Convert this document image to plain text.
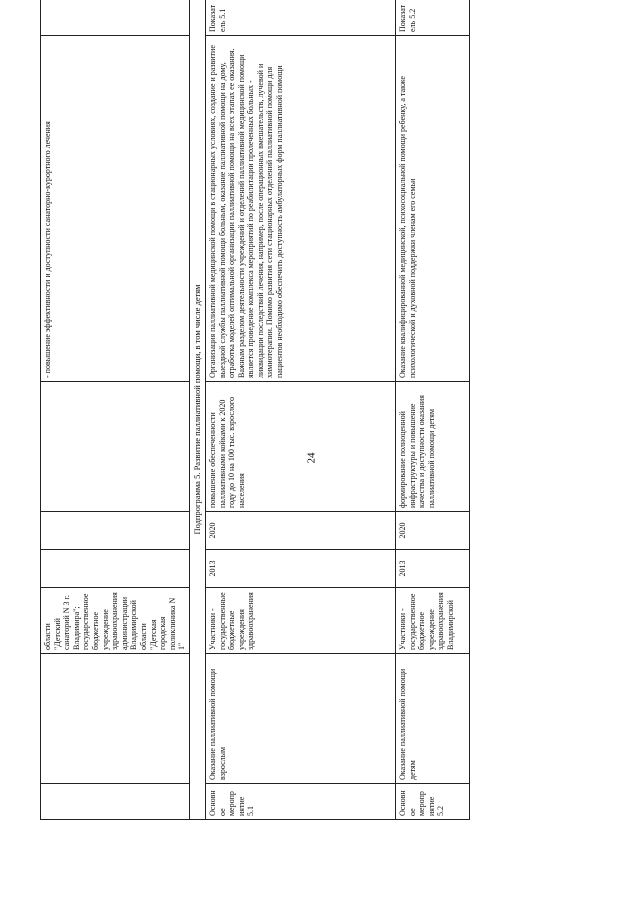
24
		области "Детский санаторий N 3 г. Владимира"; государственное бюджетное учреждение здравоохранения администрации Владимирской области "Детская городская поликлиника N 1"				- повышение эффективности и доступности санаторно-курортного лечения	
Подпрограмма 5. Развитие паллиативной помощи, в том числе детям							
Основное мероприятие 5.1	Оказание паллиативной помощи взрослым	Участники - государственные бюджетные учреждения здравоохранения	2013	2020	повышение обеспеченности паллиативными койками к 2020 году до 10 на 100 тыс. взрослого населения	Организация паллиативной медицинской помощи в стационарных условиях, создание и развитие выездной службы паллиативной помощи больным, оказание паллиативной помощи на дому, отработка моделей оптимальной организации паллиативной помощи на всех этапах ее оказания. Важным разделом деятельности учреждений и отделений паллиативной медицинской помощи является проведение комплекса мероприятий по реабилитации пролеченных больных - ликвидации последствий лечения, например, после операционных вмешательств, лучевой и химиотерапии. Помимо развития сети стационарных отделений паллиативной помощи для пациентов необходимо обеспечить доступность амбулаторных форм паллиативной помощи	Показатель 5.1
Основное мероприятие 5.2	Оказание паллиативной помощи детям	Участники - государственное бюджетное учреждение здравоохранения Владимирской	2013	2020	формирование полноценной инфраструктуры и повышение качества и доступности оказания паллиативной помощи детям	Оказание квалифицированной медицинской, психосоциальной помощи ребенку, а также психологической и духовной поддержки членам его семьи	Показатель 5.2
